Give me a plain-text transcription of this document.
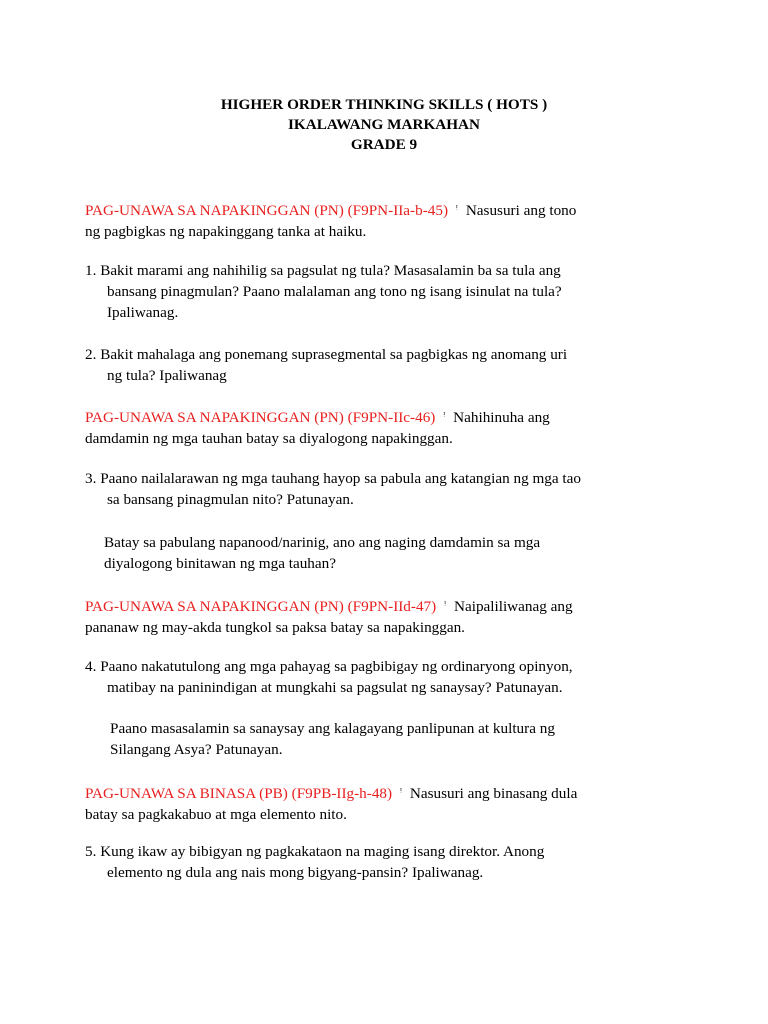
HIGHER ORDER THINKING SKILLS ( HOTS )
IKALAWANG MARKAHAN
GRADE 9
PAG-UNAWA SA NAPAKINGGAN (PN) (F9PN-IIa-b-45) ᵎ Nasusuri ang tono
ng pagbigkas ng napakinggang tanka at haiku.
1. Bakit marami ang nahihilig sa pagsulat ng tula? Masasalamin ba sa tula ang
bansang pinagmulan? Paano malalaman ang tono ng isang isinulat na tula?
Ipaliwanag.
2. Bakit mahalaga ang ponemang suprasegmental sa pagbigkas ng anomang uri
ng tula? Ipaliwanag
PAG-UNAWA SA NAPAKINGGAN (PN) (F9PN-IIc-46) ᵎ Nahihinuha ang
damdamin ng mga tauhan batay sa diyalogong napakinggan.
3. Paano nailalarawan ng mga tauhang hayop sa pabula ang katangian ng mga tao
sa bansang pinagmulan nito? Patunayan.
Batay sa pabulang napanood/narinig, ano ang naging damdamin sa mga
diyalogong binitawan ng mga tauhan?
PAG-UNAWA SA NAPAKINGGAN (PN) (F9PN-IId-47) ᵎ Naipaliliwanag ang
pananaw ng may-akda tungkol sa paksa batay sa napakinggan.
4. Paano nakatutulong ang mga pahayag sa pagbibigay ng ordinaryong opinyon,
matibay na paninindigan at mungkahi sa pagsulat ng sanaysay? Patunayan.
Paano masasalamin sa sanaysay ang kalagayang panlipunan at kultura ng
Silangang Asya? Patunayan.
PAG-UNAWA SA BINASA (PB) (F9PB-IIg-h-48) ᵎ Nasusuri ang binasang dula
batay sa pagkakabuo at mga elemento nito.
5. Kung ikaw ay bibigyan ng pagkakataon na maging isang direktor. Anong
elemento ng dula ang nais mong bigyang-pansin? Ipaliwanag.
